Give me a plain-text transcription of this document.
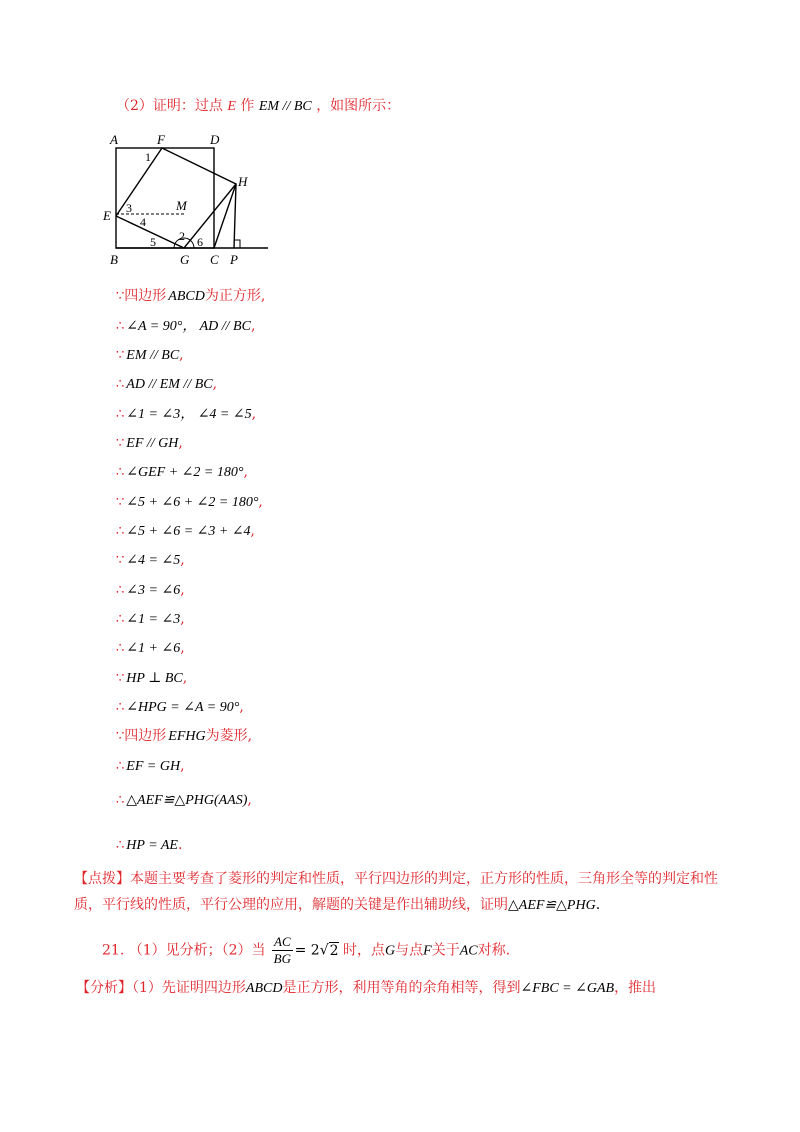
（2）证明：过点 E 作 EM // BC ，如图所示：
A	F	D
H
E
M
B	G C P
1
2
3
4
5	6
∵四边形 ABCD为正方形,
∴ ∠A = 90°， AD // BC,
∵ EM // BC,
∴ AD // EM // BC,
∴ ∠1 = ∠3， ∠4 = ∠5,
∵ EF // GH,
∴ ∠GEF + ∠2 = 180°,
∵ ∠5 + ∠6 + ∠2 = 180°,
∴ ∠5 + ∠6 = ∠3 + ∠4,
∵ ∠4 = ∠5,
∴ ∠3 = ∠6,
∴ ∠1 = ∠3,
∴ ∠1 + ∠6,
∵ HP ⊥ BC,
∴ ∠HPG = ∠A = 90°,
∵四边形 EFHG为菱形,
∴ EF = GH,
∴ △AEF≌△PHG(AAS),
∴ HP = AE.
【点拨】本题主要考查了菱形的判定和性质，平行四边形的判定，正方形的性质，三角形全等的判定和性质，平行线的性质，平行公理的应用，解题的关键是作出辅助线，证明△AEF≌△PHG.
21. （1）见分析；（2）当 $\frac{AC}{BG} = 2√2$ 时，点G与点F关于AC对称.
【分析】（1）先证明四边形ABCD是正方形，利用等角的余角相等，得到∠FBC = ∠GAB，推出
